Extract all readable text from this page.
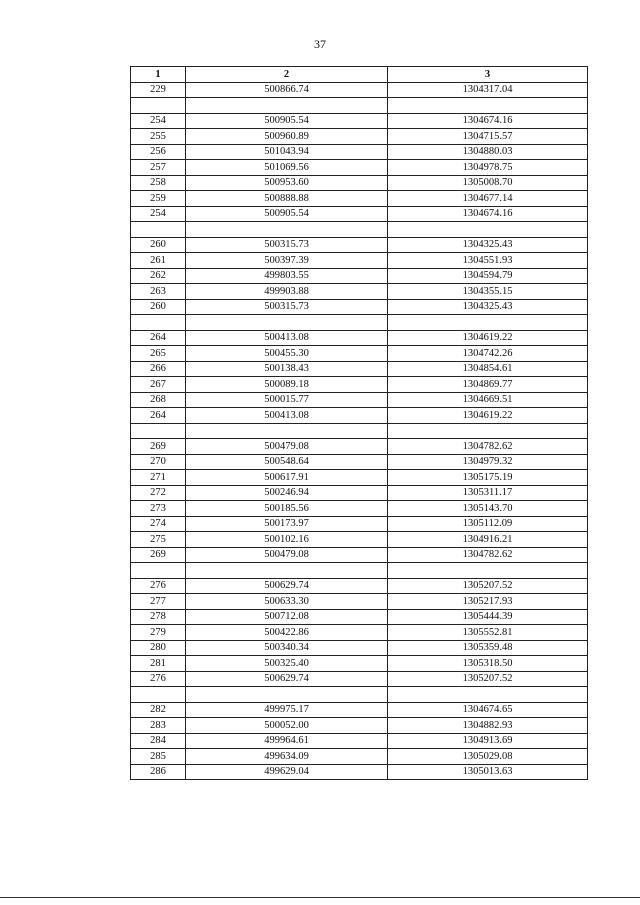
37
1	2	3
229	500866.74	1304317.04

254	500905.54	1304674.16
255	500960.89	1304715.57
256	501043.94	1304880.03
257	501069.56	1304978.75
258	500953.60	1305008.70
259	500888.88	1304677.14
254	500905.54	1304674.16

260	500315.73	1304325.43
261	500397.39	1304551.93
262	499803.55	1304594.79
263	499903.88	1304355.15
260	500315.73	1304325.43

264	500413.08	1304619.22
265	500455.30	1304742.26
266	500138.43	1304854.61
267	500089.18	1304869.77
268	500015.77	1304669.51
264	500413.08	1304619.22

269	500479.08	1304782.62
270	500548.64	1304979.32
271	500617.91	1305175.19
272	500246.94	1305311.17
273	500185.56	1305143.70
274	500173.97	1305112.09
275	500102.16	1304916.21
269	500479.08	1304782.62

276	500629.74	1305207.52
277	500633.30	1305217.93
278	500712.08	1305444.39
279	500422.86	1305552.81
280	500340.34	1305359.48
281	500325.40	1305318.50
276	500629.74	1305207.52

282	499975.17	1304674.65
283	500052.00	1304882.93
284	499964.61	1304913.69
285	499634.09	1305029.08
286	499629.04	1305013.63
